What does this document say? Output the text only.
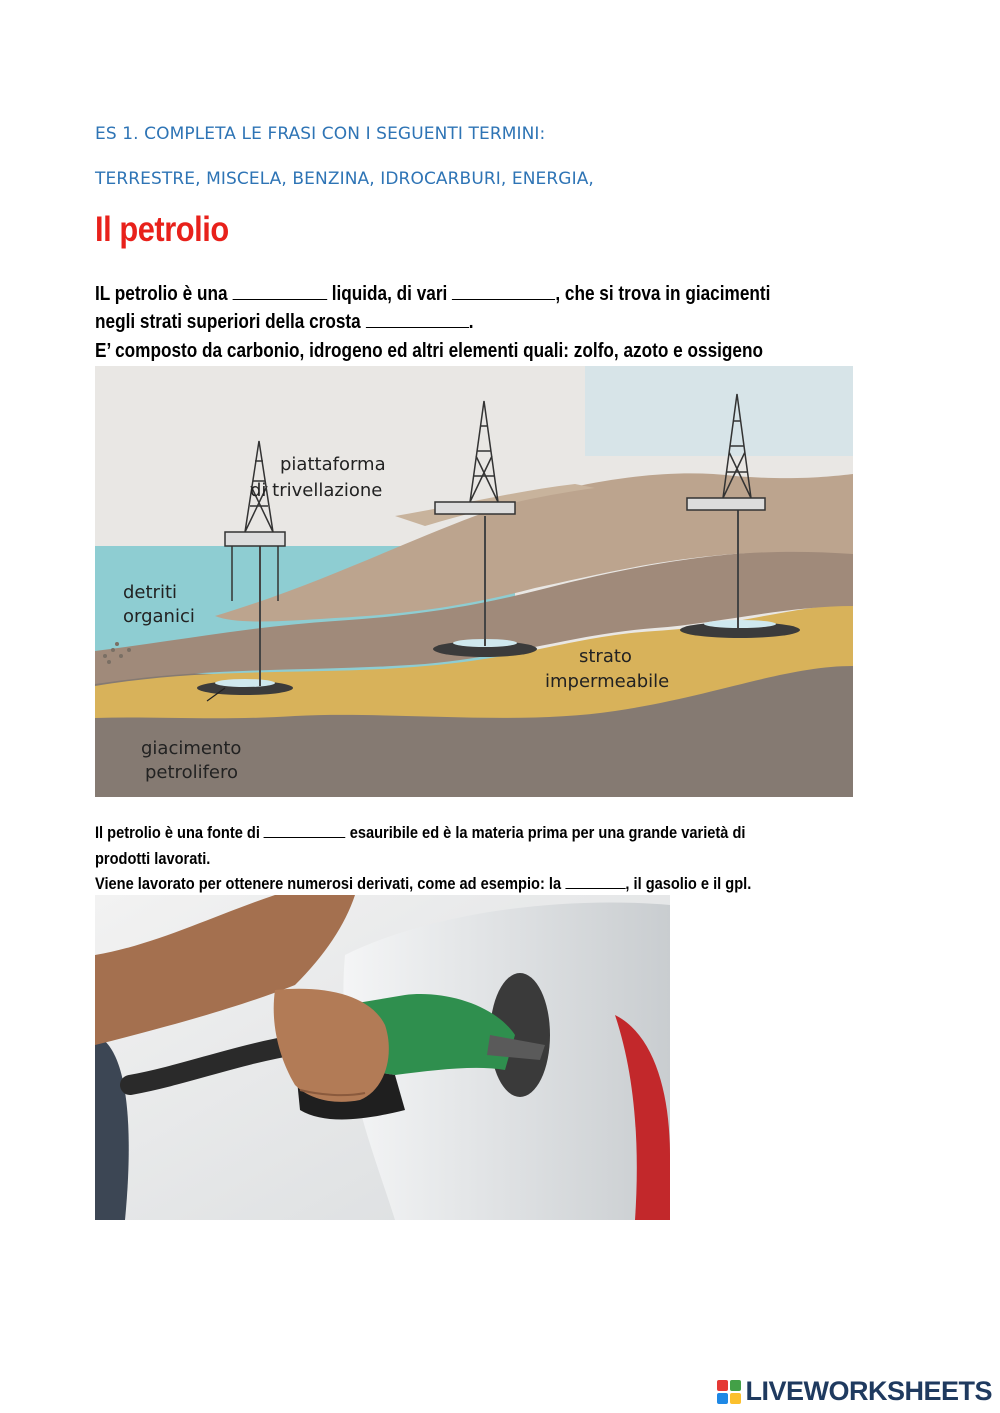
ES 1. COMPLETA LE FRASI CON I SEGUENTI TERMINI:
TERRESTRE, MISCELA, BENZINA, IDROCARBURI, ENERGIA,
Il petrolio
IL petrolio è una	liquida, di vari	, che si trova in giacimenti
negli strati superiori della crosta	.
E’ composto da carbonio, idrogeno ed altri elementi quali: zolfo, azoto e ossigeno
piattaforma
di trivellazione
detriti
organici
strato
impermeabile
giacimento
petrolifero
Il petrolio è una fonte di	esauribile ed è la materia prima per una grande varietà di
prodotti lavorati.
Viene lavorato per ottenere numerosi derivati, come ad esempio: la	, il gasolio e il gpl.
LIVEWORKSHEETS
